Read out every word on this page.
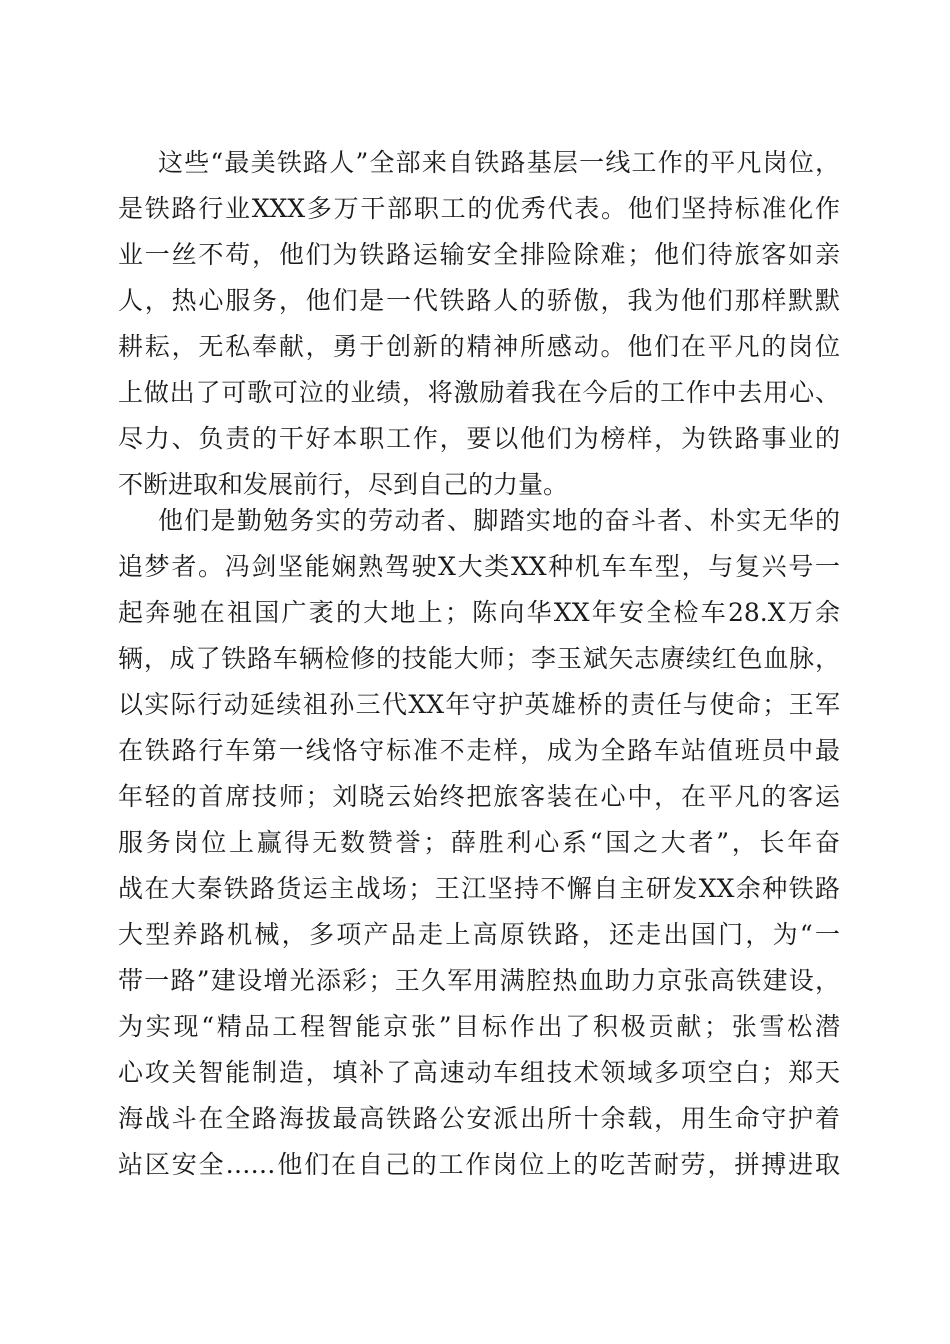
这些“最美铁路人”全部来自铁路基层一线工作的平凡岗位，
是铁路行业XXX多万干部职工的优秀代表。他们坚持标准化作
业一丝不苟，他们为铁路运输安全排险除难；他们待旅客如亲
人，热心服务，他们是一代铁路人的骄傲，我为他们那样默默
耕耘，无私奉献，勇于创新的精神所感动。他们在平凡的岗位
上做出了可歌可泣的业绩，将激励着我在今后的工作中去用心、
尽力、负责的干好本职工作，要以他们为榜样，为铁路事业的
不断进取和发展前行，尽到自己的力量。
他们是勤勉务实的劳动者、脚踏实地的奋斗者、朴实无华的
追梦者。冯剑坚能娴熟驾驶X大类XX种机车车型，与复兴号一
起奔驰在祖国广袤的大地上；陈向华XX年安全检车28.X万余
辆，成了铁路车辆检修的技能大师；李玉斌矢志赓续红色血脉，
以实际行动延续祖孙三代XX年守护英雄桥的责任与使命；王军
在铁路行车第一线恪守标准不走样，成为全路车站值班员中最
年轻的首席技师；刘晓云始终把旅客装在心中，在平凡的客运
服务岗位上赢得无数赞誉；薛胜利心系“国之大者”，长年奋
战在大秦铁路货运主战场；王江坚持不懈自主研发XX余种铁路
大型养路机械，多项产品走上高原铁路，还走出国门，为“一
带一路”建设增光添彩；王久军用满腔热血助力京张高铁建设，
为实现“精品工程智能京张”目标作出了积极贡献；张雪松潜
心攻关智能制造，填补了高速动车组技术领域多项空白；郑天
海战斗在全路海拔最高铁路公安派出所十余载，用生命守护着
站区安全……他们在自己的工作岗位上的吃苦耐劳，拼搏进取
